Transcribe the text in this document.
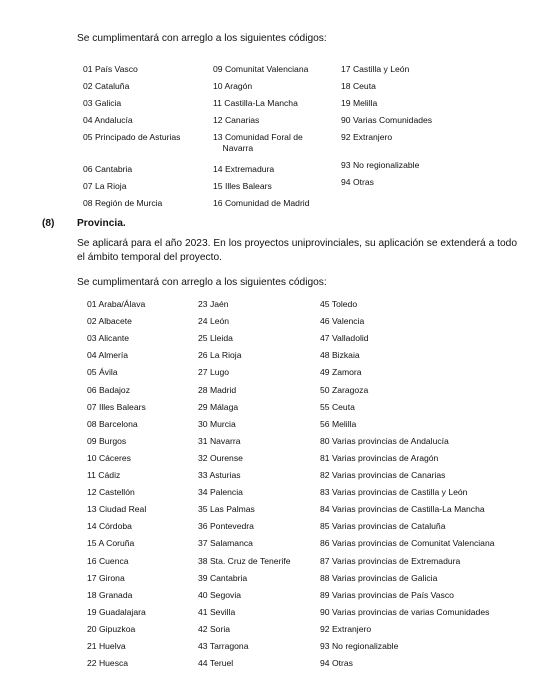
Se cumplimentará con arreglo a los siguientes códigos:
01 País Vasco
02 Cataluña
03 Galicia
04 Andalucía
05 Principado de Asturias
06 Cantabria
07 La Rioja
08 Región de Murcia
09 Comunitat Valenciana
10 Aragón
11 Castilla-La Mancha
12 Canarias
13 Comunidad Foral de
Navarra
14 Extremadura
15 Illes Balears
16 Comunidad de Madrid
17 Castilla y León
18 Ceuta
19 Melilla
90 Varias Comunidades
92 Extranjero
93 No regionalizable
94 Otras
(8) Provincia.
Se aplicará para el año 2023. En los proyectos uniprovinciales, su aplicación se extenderá a todo el ámbito temporal del proyecto.
Se cumplimentará con arreglo a los siguientes códigos:
01 Araba/Álava
02 Albacete
03 Alicante
04 Almería
05 Ávila
06 Badajoz
07 Illes Balears
08 Barcelona
09 Burgos
10 Cáceres
11 Cádiz
12 Castellón
13 Ciudad Real
14 Córdoba
15 A Coruña
16 Cuenca
17 Girona
18 Granada
19 Guadalajara
20 Gipuzkoa
21 Huelva
22 Huesca
23 Jaén
24 León
25 Lleida
26 La Rioja
27 Lugo
28 Madrid
29 Málaga
30 Murcia
31 Navarra
32 Ourense
33 Asturias
34 Palencia
35 Las Palmas
36 Pontevedra
37 Salamanca
38 Sta. Cruz de Tenerife
39 Cantabria
40 Segovia
41 Sevilla
42 Soria
43 Tarragona
44 Teruel
45 Toledo
46 Valencia
47 Valladolid
48 Bizkaia
49 Zamora
50 Zaragoza
55 Ceuta
56 Melilla
80 Varias provincias de Andalucía
81 Varias provincias de Aragón
82 Varias provincias de Canarias
83 Varias provincias de Castilla y León
84 Varias provincias de Castilla-La Mancha
85 Varias provincias de Cataluña
86 Varias provincias de Comunitat Valenciana
87 Varias provincias de Extremadura
88 Varias provincias de Galicia
89 Varias provincias de País Vasco
90 Varias provincias de varias Comunidades
92 Extranjero
93 No regionalizable
94 Otras
